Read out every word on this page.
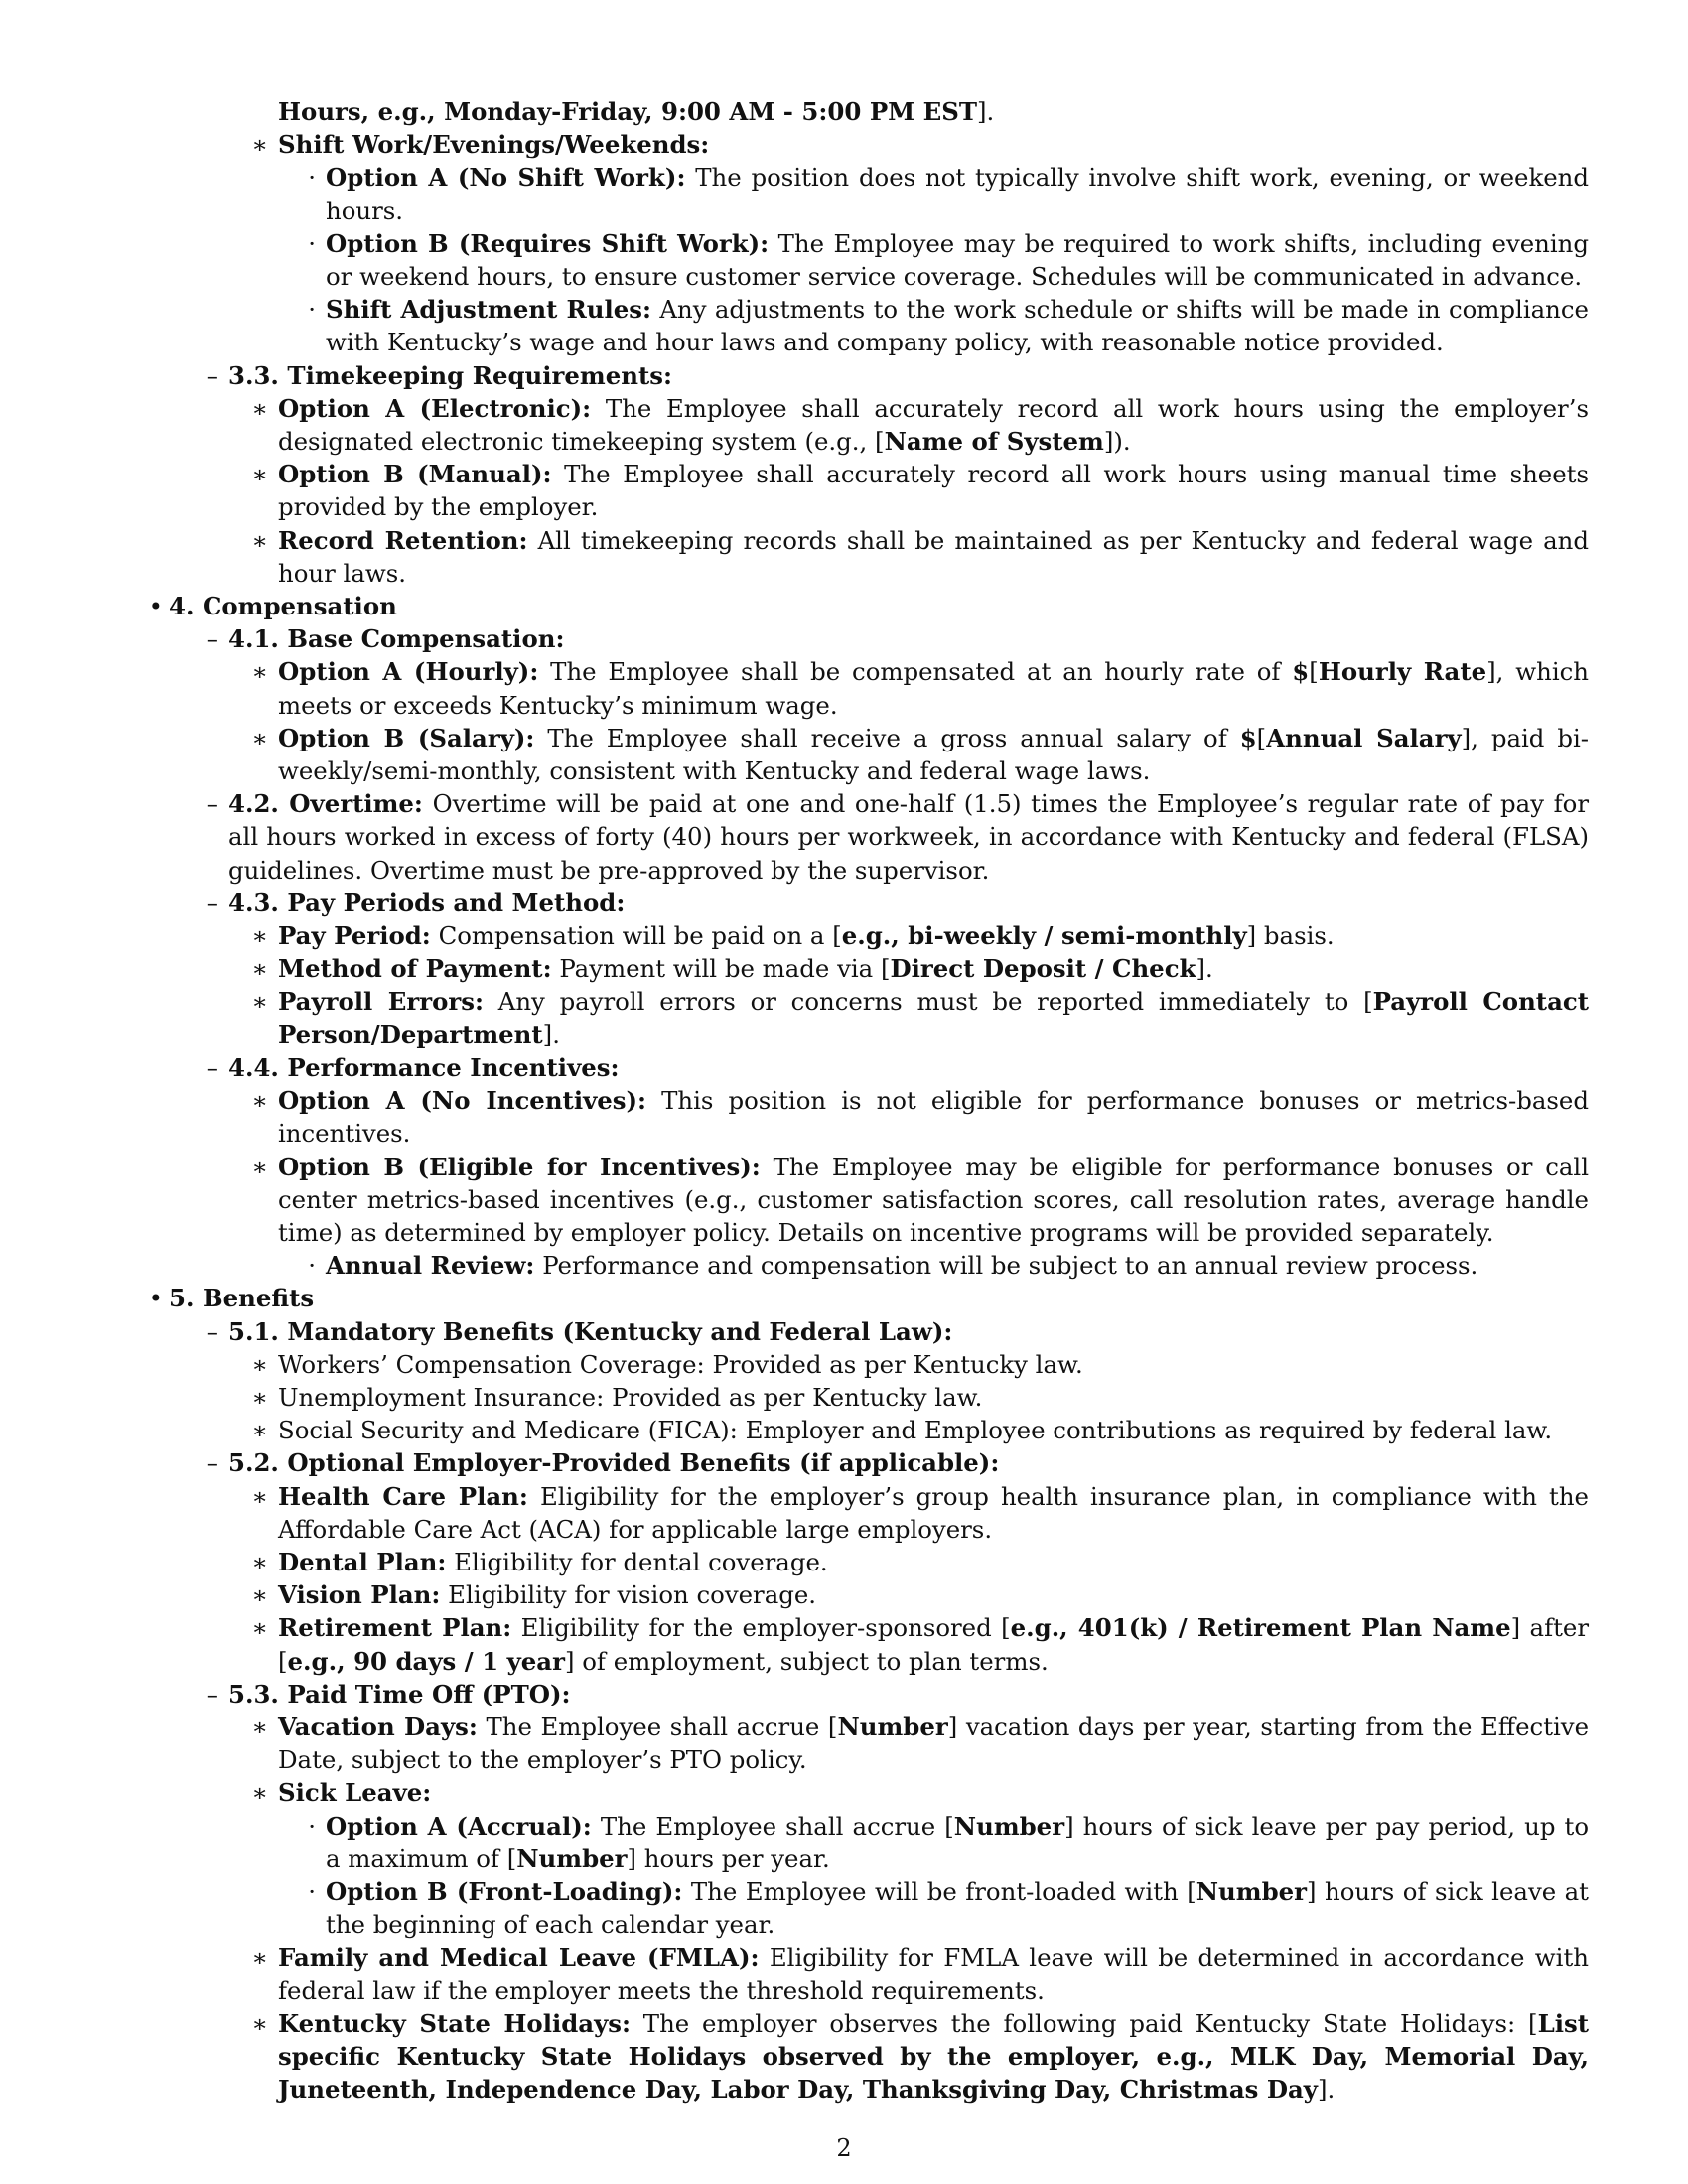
Hours, e.g., Monday-Friday, 9:00 AM - 5:00 PM EST].

∗ Shift Work/Evenings/Weekends:

· Option A (No Shift Work): The position does not typically involve shift work, evening, or weekend hours.

· Option B (Requires Shift Work): The Employee may be required to work shifts, including evening or weekend hours, to ensure customer service coverage. Schedules will be communicated in advance.

· Shift Adjustment Rules: Any adjustments to the work schedule or shifts will be made in compliance with Kentucky’s wage and hour laws and company policy, with reasonable notice provided.

– 3.3. Timekeeping Requirements:

∗ Option A (Electronic): The Employee shall accurately record all work hours using the employer’s designated electronic timekeeping system (e.g., [Name of System]).

∗ Option B (Manual): The Employee shall accurately record all work hours using manual time sheets provided by the employer.

∗ Record Retention: All timekeeping records shall be maintained as per Kentucky and federal wage and hour laws.

• 4. Compensation

– 4.1. Base Compensation:

∗ Option A (Hourly): The Employee shall be compensated at an hourly rate of $[Hourly Rate], which meets or exceeds Kentucky’s minimum wage.

∗ Option B (Salary): The Employee shall receive a gross annual salary of $[Annual Salary], paid bi-weekly/semi-monthly, consistent with Kentucky and federal wage laws.

– 4.2. Overtime: Overtime will be paid at one and one-half (1.5) times the Employee’s regular rate of pay for all hours worked in excess of forty (40) hours per workweek, in accordance with Kentucky and federal (FLSA) guidelines. Overtime must be pre-approved by the supervisor.

– 4.3. Pay Periods and Method:

∗ Pay Period: Compensation will be paid on a [e.g., bi-weekly / semi-monthly] basis.

∗ Method of Payment: Payment will be made via [Direct Deposit / Check].

∗ Payroll Errors: Any payroll errors or concerns must be reported immediately to [Payroll Contact Person/Department].

– 4.4. Performance Incentives:

∗ Option A (No Incentives): This position is not eligible for performance bonuses or metrics-based incentives.

∗ Option B (Eligible for Incentives): The Employee may be eligible for performance bonuses or call center metrics-based incentives (e.g., customer satisfaction scores, call resolution rates, average handle time) as determined by employer policy. Details on incentive programs will be provided separately.

· Annual Review: Performance and compensation will be subject to an annual review process.

• 5. Benefits

– 5.1. Mandatory Benefits (Kentucky and Federal Law):

∗ Workers’ Compensation Coverage: Provided as per Kentucky law.

∗ Unemployment Insurance: Provided as per Kentucky law.

∗ Social Security and Medicare (FICA): Employer and Employee contributions as required by federal law.

– 5.2. Optional Employer-Provided Benefits (if applicable):

∗ Health Care Plan: Eligibility for the employer’s group health insurance plan, in compliance with the Affordable Care Act (ACA) for applicable large employers.

∗ Dental Plan: Eligibility for dental coverage.

∗ Vision Plan: Eligibility for vision coverage.

∗ Retirement Plan: Eligibility for the employer-sponsored [e.g., 401(k) / Retirement Plan Name] after [e.g., 90 days / 1 year] of employment, subject to plan terms.

– 5.3. Paid Time Off (PTO):

∗ Vacation Days: The Employee shall accrue [Number] vacation days per year, starting from the Effective Date, subject to the employer’s PTO policy.

∗ Sick Leave:

· Option A (Accrual): The Employee shall accrue [Number] hours of sick leave per pay period, up to a maximum of [Number] hours per year.

· Option B (Front-Loading): The Employee will be front-loaded with [Number] hours of sick leave at the beginning of each calendar year.

∗ Family and Medical Leave (FMLA): Eligibility for FMLA leave will be determined in accordance with federal law if the employer meets the threshold requirements.

∗ Kentucky State Holidays: The employer observes the following paid Kentucky State Holidays: [List specific Kentucky State Holidays observed by the employer, e.g., MLK Day, Memorial Day, Juneteenth, Independence Day, Labor Day, Thanksgiving Day, Christmas Day].

2
